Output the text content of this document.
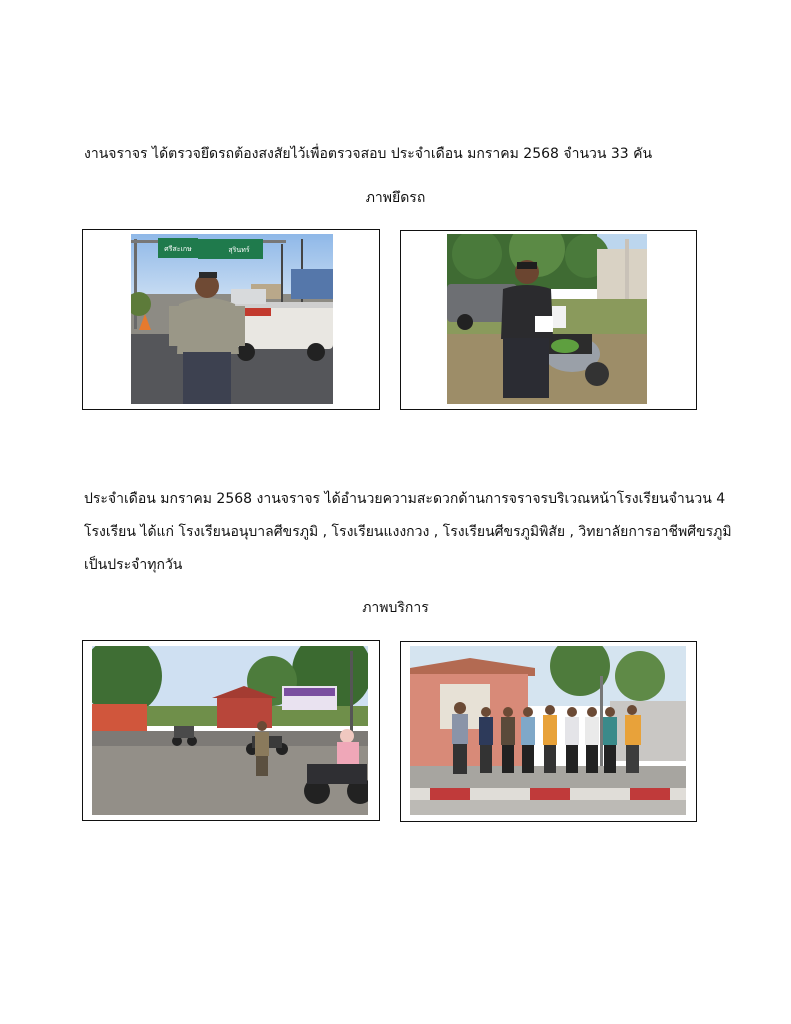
งานจราจร ได้ตรวจยึดรถต้องสงสัยไว้เพื่อตรวจสอบ ประจำเดือน มกราคม 2568 จำนวน 33 คัน

ภาพยึดรถ

ศรีสะเกษ	สุรินทร์

ประจำเดือน มกราคม 2568 งานจราจร ได้อำนวยความสะดวกด้านการจราจรบริเวณหน้าโรงเรียนจำนวน 4

โรงเรียน ได้แก่ โรงเรียนอนุบาลศีขรภูมิ , โรงเรียนแงงกวง , โรงเรียนศีขรภูมิพิสัย , วิทยาลัยการอาชีพศีขรภูมิ

เป็นประจำทุกวัน

ภาพบริการ
